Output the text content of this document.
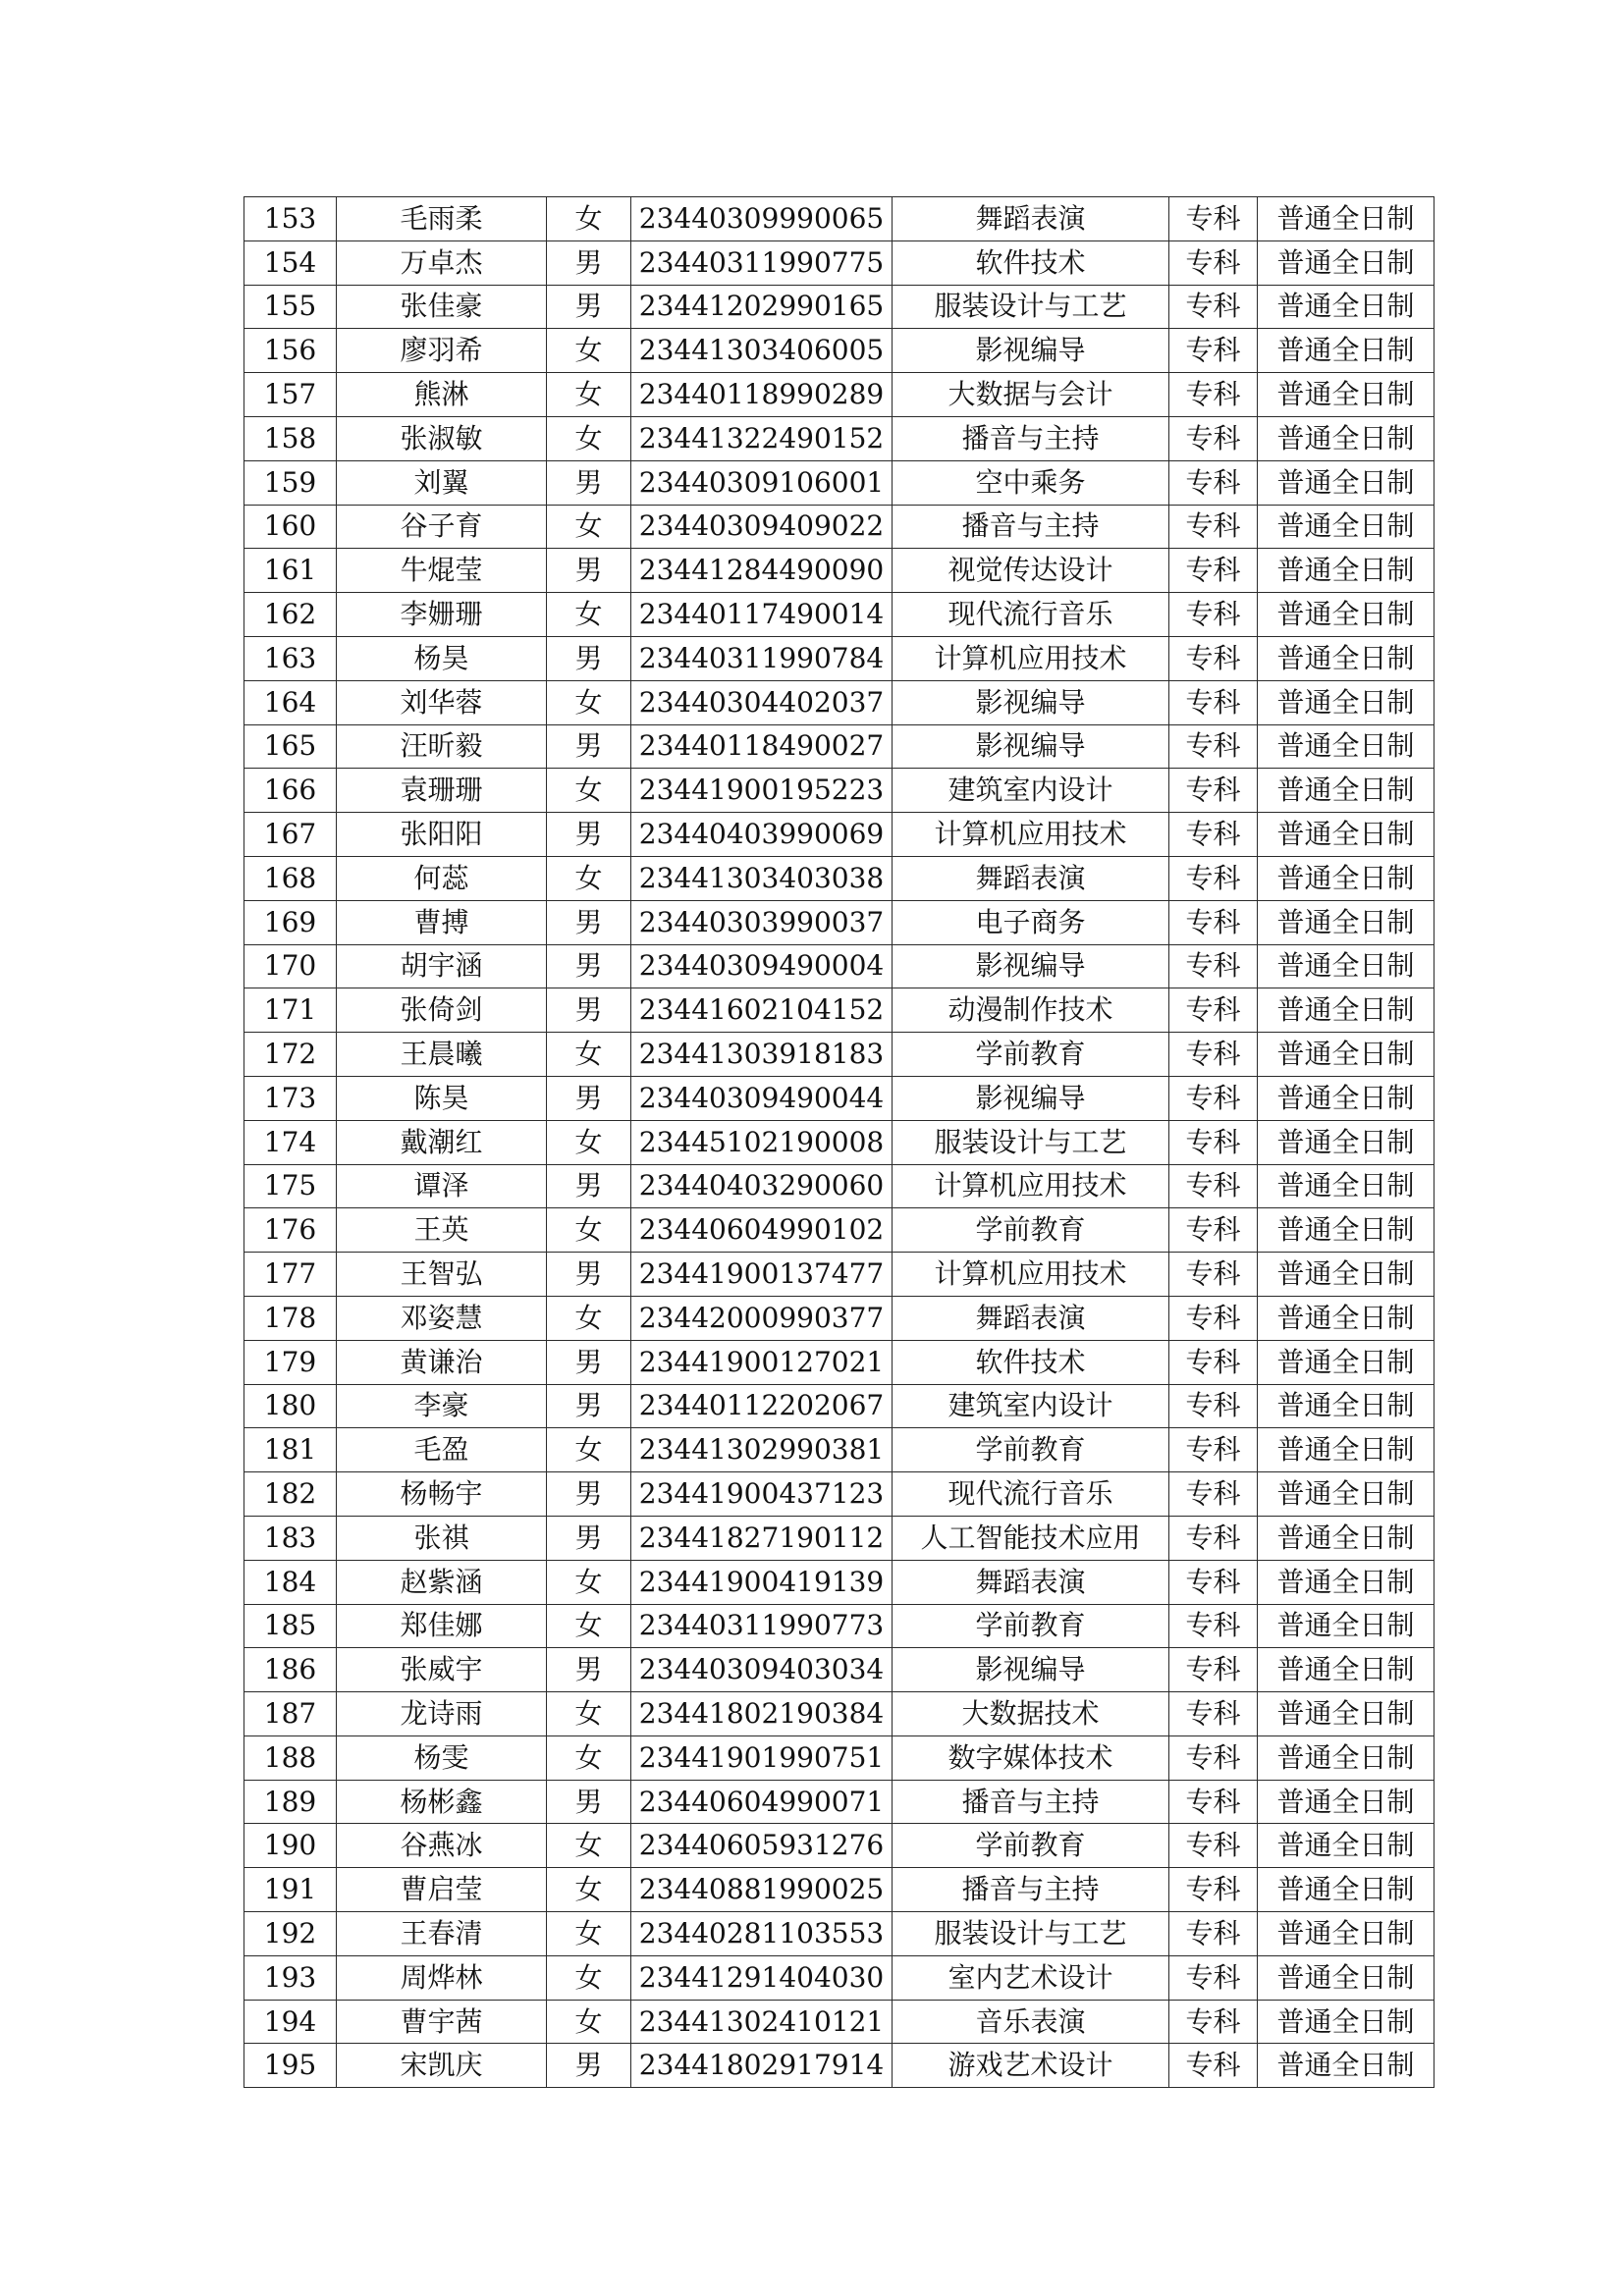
153	毛雨柔	女	23440309990065	舞蹈表演	专科	普通全日制
154	万卓杰	男	23440311990775	软件技术	专科	普通全日制
155	张佳豪	男	23441202990165	服装设计与工艺	专科	普通全日制
156	廖羽希	女	23441303406005	影视编导	专科	普通全日制
157	熊淋	女	23440118990289	大数据与会计	专科	普通全日制
158	张淑敏	女	23441322490152	播音与主持	专科	普通全日制
159	刘翼	男	23440309106001	空中乘务	专科	普通全日制
160	谷子育	女	23440309409022	播音与主持	专科	普通全日制
161	牛焜莹	男	23441284490090	视觉传达设计	专科	普通全日制
162	李姗珊	女	23440117490014	现代流行音乐	专科	普通全日制
163	杨昊	男	23440311990784	计算机应用技术	专科	普通全日制
164	刘华蓉	女	23440304402037	影视编导	专科	普通全日制
165	汪昕毅	男	23440118490027	影视编导	专科	普通全日制
166	袁珊珊	女	23441900195223	建筑室内设计	专科	普通全日制
167	张阳阳	男	23440403990069	计算机应用技术	专科	普通全日制
168	何蕊	女	23441303403038	舞蹈表演	专科	普通全日制
169	曹搏	男	23440303990037	电子商务	专科	普通全日制
170	胡宇涵	男	23440309490004	影视编导	专科	普通全日制
171	张倚剑	男	23441602104152	动漫制作技术	专科	普通全日制
172	王晨曦	女	23441303918183	学前教育	专科	普通全日制
173	陈昊	男	23440309490044	影视编导	专科	普通全日制
174	戴潮红	女	23445102190008	服装设计与工艺	专科	普通全日制
175	谭泽	男	23440403290060	计算机应用技术	专科	普通全日制
176	王英	女	23440604990102	学前教育	专科	普通全日制
177	王智弘	男	23441900137477	计算机应用技术	专科	普通全日制
178	邓姿慧	女	23442000990377	舞蹈表演	专科	普通全日制
179	黄谦治	男	23441900127021	软件技术	专科	普通全日制
180	李豪	男	23440112202067	建筑室内设计	专科	普通全日制
181	毛盈	女	23441302990381	学前教育	专科	普通全日制
182	杨畅宇	男	23441900437123	现代流行音乐	专科	普通全日制
183	张祺	男	23441827190112	人工智能技术应用	专科	普通全日制
184	赵紫涵	女	23441900419139	舞蹈表演	专科	普通全日制
185	郑佳娜	女	23440311990773	学前教育	专科	普通全日制
186	张威宇	男	23440309403034	影视编导	专科	普通全日制
187	龙诗雨	女	23441802190384	大数据技术	专科	普通全日制
188	杨雯	女	23441901990751	数字媒体技术	专科	普通全日制
189	杨彬鑫	男	23440604990071	播音与主持	专科	普通全日制
190	谷燕冰	女	23440605931276	学前教育	专科	普通全日制
191	曹启莹	女	23440881990025	播音与主持	专科	普通全日制
192	王春清	女	23440281103553	服装设计与工艺	专科	普通全日制
193	周烨林	女	23441291404030	室内艺术设计	专科	普通全日制
194	曹宇茜	女	23441302410121	音乐表演	专科	普通全日制
195	宋凯庆	男	23441802917914	游戏艺术设计	专科	普通全日制
